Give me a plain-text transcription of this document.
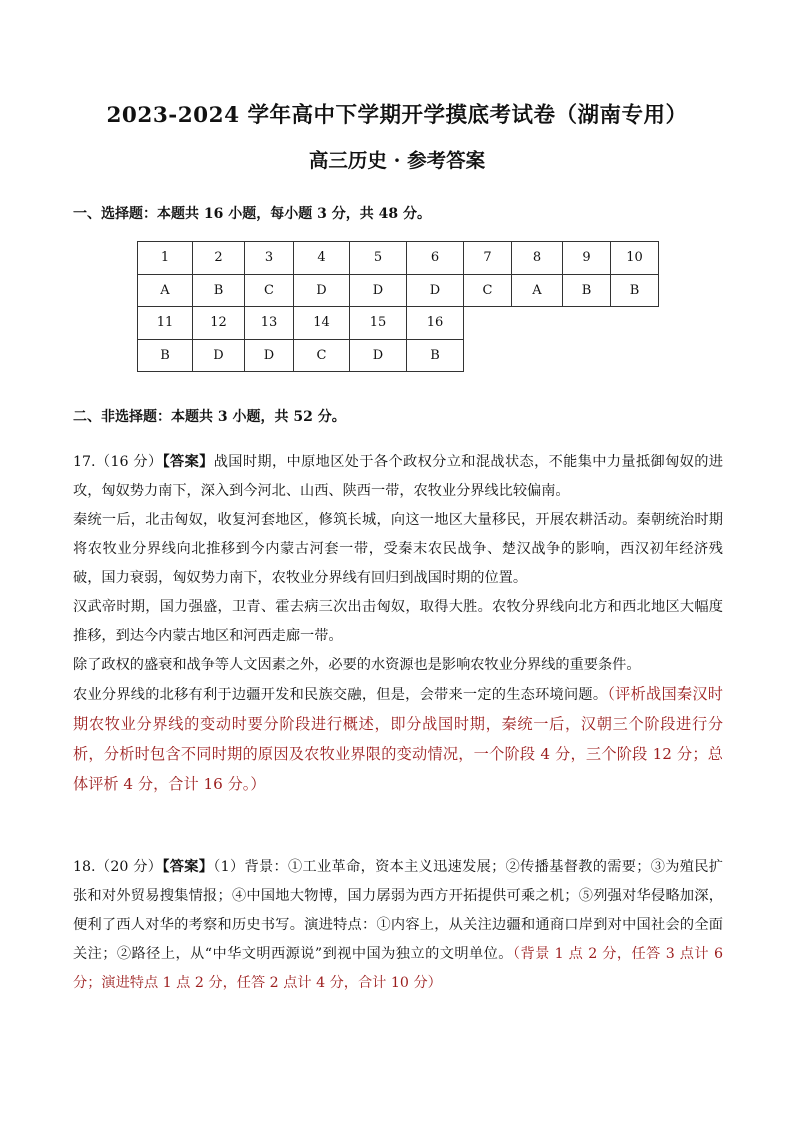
2023-2024 学年高中下学期开学摸底考试卷（湖南专用）
高三历史 · 参考答案
一、选择题：本题共 16 小题，每小题 3 分，共 48 分。
1	2	3	4	5	6	7	8	9	10
A	B	C	D	D	D	C	A	B	B
11	12	13	14	15	16				
B	D	D	C	D	B				
二、非选择题：本题共 3 小题，共 52 分。

17.（16 分）【答案】战国时期，中原地区处于各个政权分立和混战状态，不能集中力量抵御匈奴的进攻，匈奴势力南下，深入到今河北、山西、陕西一带，农牧业分界线比较偏南。

秦统一后，北击匈奴，收复河套地区，修筑长城，向这一地区大量移民，开展农耕活动。秦朝统治时期将农牧业分界线向北推移到今内蒙古河套一带，受秦末农民战争、楚汉战争的影响，西汉初年经济残破，国力衰弱，匈奴势力南下，农牧业分界线有回归到战国时期的位置。

汉武帝时期，国力强盛，卫青、霍去病三次出击匈奴，取得大胜。农牧分界线向北方和西北地区大幅度推移，到达今内蒙古地区和河西走廊一带。

除了政权的盛衰和战争等人文因素之外，必要的水资源也是影响农牧业分界线的重要条件。

农业分界线的北移有利于边疆开发和民族交融，但是，会带来一定的生态环境问题。（评析战国秦汉时期农牧业分界线的变动时要分阶段进行概述，即分战国时期，秦统一后，汉朝三个阶段进行分析，分析时包含不同时期的原因及农牧业界限的变动情况，一个阶段 4 分，三个阶段 12 分；总体评析 4 分，合计 16 分。）

18.（20 分）【答案】（1）背景：①工业革命，资本主义迅速发展；②传播基督教的需要；③为殖民扩张和对外贸易搜集情报；④中国地大物博，国力孱弱为西方开拓提供可乘之机；⑤列强对华侵略加深，便利了西人对华的考察和历史书写。演进特点：①内容上，从关注边疆和通商口岸到对中国社会的全面关注；②路径上，从“中华文明西源说”到视中国为独立的文明单位。（背景 1 点 2 分，任答 3 点计 6 分；演进特点 1 点 2 分，任答 2 点计 4 分，合计 10 分）
